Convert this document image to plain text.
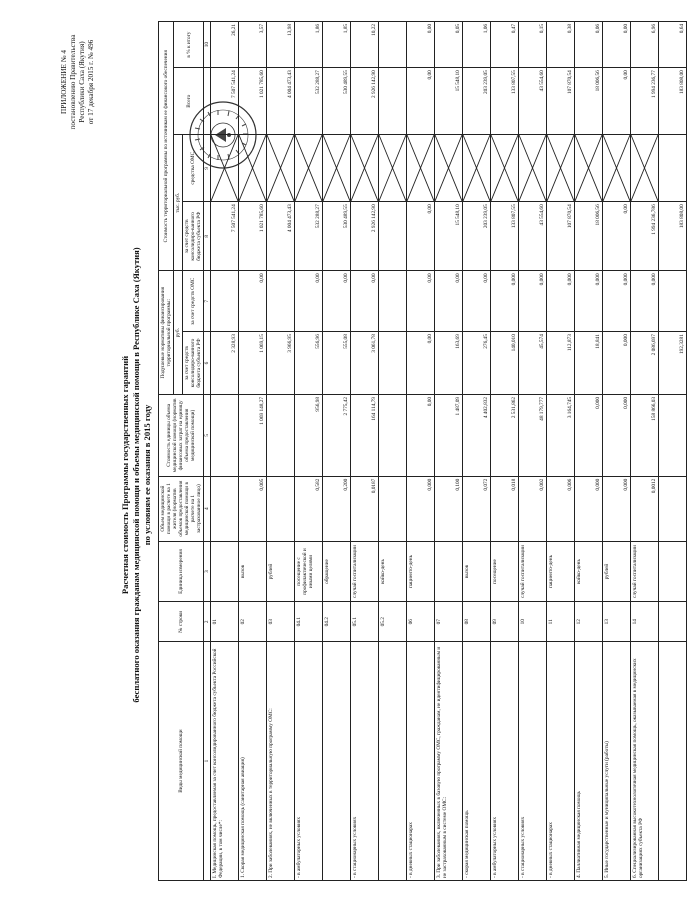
ПРИЛОЖЕНИЕ № 4 постановлению Правительства Республики Саха (Якутия) от 17 декабря 2015 г. № 496
Расчетная стоимость Программы государственных гарантий бесплатного оказания гражданам медицинской помощи и объемы медицинской помощи в Республике Саха (Якутия) по условиям ее оказания в 2015 году
Виды медицинской помощи	№ строки	Единица измерения	Объем медицинской помощи в расчете на 1 жителя (норматив объемов предоставления медицинской помощи в расчете на 1 застрахованное лицо)	Стоимость единицы объема медицинской помощи (норматив финансовых затрат на единицу объема предоставления медицинской помощи)	Подушевые нормативы финансирования территориальной программы:		Стоимость территориальной программы по источникам ее финансового обеспечения			
					руб.		тыс. руб.		Всего	в % к итогу
					за счет средств консолидиро-ванного бюджета субъекта РФ	за счет средств ОМС	за счет средств консолидиро-ванного бюджета субъекта РФ	средства ОМС		
1	2	3	4	5	6	7	8	9		10
I. Медицинская помощь, предоставляемая за счет консолидированного бюджета субъекта Российской Федерации, в том числе*:	01				2 328,93		7 507 541,24		7 507 541,24	26,21
1. Скорая медицинская помощь (санитарная авиация)	02	вызов	0,005	1 069 148,27	1 069,15	0,00	1 021 785,60		1 021 785,60	3,57
2. При заболеваниях, не включенных в территориальную программу ОМС:	03	рублей			3 966,95		4 004 473,43		4 004 473,43	13,98
- в амбулаторных условиях	04.1	посещение с профилактической и иными целями	0,582	956,98	556,96	0,00	532 288,27		532 288,27	1,86
	04.2	обращение	0,200	2 775,42	555,08	0,00	530 489,55		530 489,55	1,85
- в стационарных условиях	05.1	случай госпитализации	0,0187	164 114,79	3 061,78	0,00	2 926 142,90		2 926 142,90	10,22
	05.2	койко-день						

- в дневных стационарах	06	пациенто-день	0,000	0,00	0,00	0,00	0,00		0,00	0,00
3. При заболеваниях, включенных в базовую программу ОМС, гражданам, не идентифицированным и не застрахованным в системе ОМС:	07		0,100	1 487,09	163,69	0,00	15 548,10		15 548,10	0,05
- скорая медицинская помощь	08	вызов	0,072	4 402,832	276,45	0,00	203 239,05		203 239,05	1,06
- в амбулаторных условиях	09	посещение	0,018	2 531,862	140,010	0,000	133 807,55		133 807,55	0,47
- в стационарных условиях	10	случай госпитализации	0,002	48 179,777	45,574	0,000	43 554,60		43 554,60	0,15
- в дневных стационарах	11	пациенто-день	0,006	3 164,745	112,873	0,000	107 870,54		107 870,54	0,38
4. Паллиативная медицинская помощь	12	койко-день	0,000	0,000	18,841	0,000	18 006,56		18 006,56	0,06
5. Иные государственные и муниципальные услуги (работы)	13	рублей	0,000	0,000	0,000	0,000	0,00		0,00	0,00
6. Специализированная высокотехнологичная медицинская помощь, оказываемая в медицинских организациях субъекта РФ	14	случай госпитализации	0,0012	158 866,03	2 086,697	0,000	1 994 236,786		1 994 236,77	6,96
					192,3281		183 808,00		183 808,00	0,64
